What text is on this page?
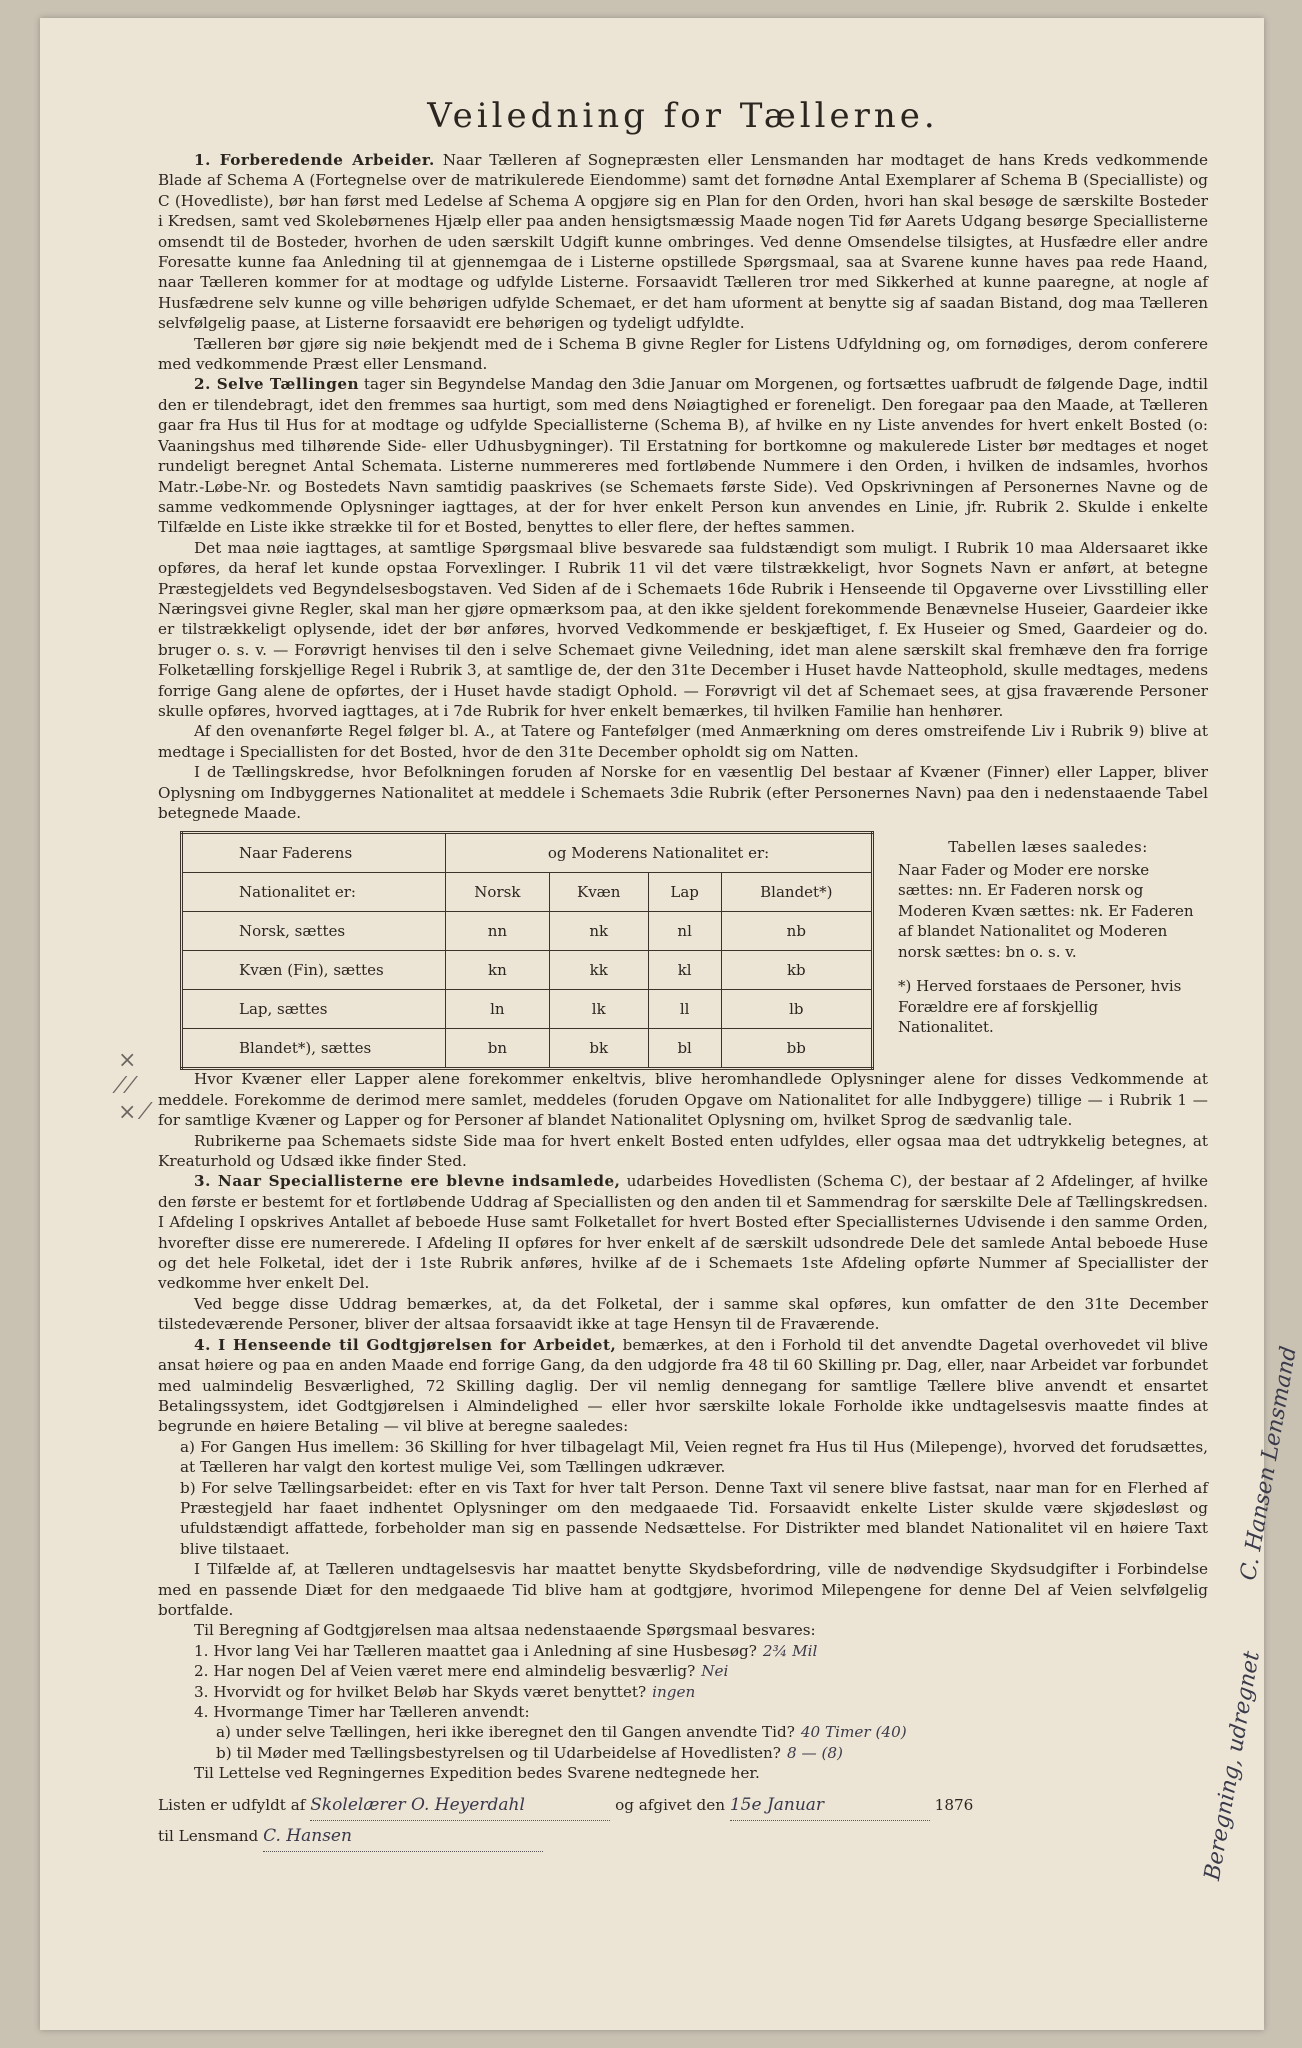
×
⁄ ⁄
× ⁄
Veiledning for Tællerne.

1. Forberedende Arbeider. Naar Tælleren af Sognepræsten eller Lensmanden har modtaget de hans Kreds vedkommende Blade af Schema A (Fortegnelse over de matrikulerede Eiendomme) samt det fornødne Antal Exemplarer af Schema B (Specialliste) og C (Hovedliste), bør han først med Ledelse af Schema A opgjøre sig en Plan for den Orden, hvori han skal besøge de særskilte Bosteder i Kredsen, samt ved Skolebørnenes Hjælp eller paa anden hensigtsmæssig Maade nogen Tid før Aarets Udgang besørge Speciallisterne omsendt til de Bosteder, hvorhen de uden særskilt Udgift kunne ombringes. Ved denne Omsendelse tilsigtes, at Husfædre eller andre Foresatte kunne faa Anledning til at gjennemgaa de i Listerne opstillede Spørgsmaal, saa at Svarene kunne haves paa rede Haand, naar Tælleren kommer for at modtage og udfylde Listerne. Forsaavidt Tælleren tror med Sikkerhed at kunne paaregne, at nogle af Husfædrene selv kunne og ville behørigen udfylde Schemaet, er det ham uforment at benytte sig af saadan Bistand, dog maa Tælleren selvfølgelig paase, at Listerne forsaavidt ere behørigen og tydeligt udfyldte.

Tælleren bør gjøre sig nøie bekjendt med de i Schema B givne Regler for Listens Udfyldning og, om fornødiges, derom conferere med vedkommende Præst eller Lensmand.

2. Selve Tællingen tager sin Begyndelse Mandag den 3die Januar om Morgenen, og fortsættes uafbrudt de følgende Dage, indtil den er tilendebragt, idet den fremmes saa hurtigt, som med dens Nøiagtighed er foreneligt. Den foregaar paa den Maade, at Tælleren gaar fra Hus til Hus for at modtage og udfylde Speciallisterne (Schema B), af hvilke en ny Liste anvendes for hvert enkelt Bosted (o: Vaaningshus med tilhørende Side- eller Udhusbygninger). Til Erstatning for bortkomne og makulerede Lister bør medtages et noget rundeligt beregnet Antal Schemata. Listerne nummereres med fortløbende Nummere i den Orden, i hvilken de indsamles, hvorhos Matr.-Løbe-Nr. og Bostedets Navn samtidig paaskrives (se Schemaets første Side). Ved Opskrivningen af Personernes Navne og de samme vedkommende Oplysninger iagttages, at der for hver enkelt Person kun anvendes en Linie, jfr. Rubrik 2. Skulde i enkelte Tilfælde en Liste ikke strække til for et Bosted, benyttes to eller flere, der heftes sammen.

Det maa nøie iagttages, at samtlige Spørgsmaal blive besvarede saa fuldstændigt som muligt. I Rubrik 10 maa Aldersaaret ikke opføres, da heraf let kunde opstaa Forvexlinger. I Rubrik 11 vil det være tilstrækkeligt, hvor Sognets Navn er anført, at betegne Præstegjeldets ved Begyndelsesbogstaven. Ved Siden af de i Schemaets 16de Rubrik i Henseende til Opgaverne over Livsstilling eller Næringsvei givne Regler, skal man her gjøre opmærksom paa, at den ikke sjeldent forekommende Benævnelse Huseier, Gaardeier ikke er tilstrækkeligt oplysende, idet der bør anføres, hvorved Vedkommende er beskjæftiget, f. Ex Huseier og Smed, Gaardeier og do. bruger o. s. v. — Forøvrigt henvises til den i selve Schemaet givne Veiledning, idet man alene særskilt skal fremhæve den fra forrige Folketælling forskjellige Regel i Rubrik 3, at samtlige de, der den 31te December i Huset havde Natteophold, skulle medtages, medens forrige Gang alene de opførtes, der i Huset havde stadigt Ophold. — Forøvrigt vil det af Schemaet sees, at gjsa fraværende Personer skulle opføres, hvorved iagttages, at i 7de Rubrik for hver enkelt bemærkes, til hvilken Familie han henhører.

Af den ovenanførte Regel følger bl. A., at Tatere og Fantefølger (med Anmærkning om deres omstreifende Liv i Rubrik 9) blive at medtage i Speciallisten for det Bosted, hvor de den 31te December opholdt sig om Natten.

I de Tællingskredse, hvor Befolkningen foruden af Norske for en væsentlig Del bestaar af Kvæner (Finner) eller Lapper, bliver Oplysning om Indbyggernes Nationalitet at meddele i Schemaets 3die Rubrik (efter Personernes Navn) paa den i nedenstaaende Tabel betegnede Maade.

Naar Faderens	og Moderens Nationalitet er:			
Nationalitet er:	Norsk	Kvæn	Lap	Blandet*)
Norsk, sættes	nn	nk	nl	nb
Kvæn (Fin), sættes	kn	kk	kl	kb
Lap, sættes	ln	lk	ll	lb
Blandet*), sættes	bn	bk	bl	bb
Tabellen læses saaledes:
Naar Fader og Moder ere norske sættes: nn. Er Faderen norsk og Moderen Kvæn sættes: nk. Er Faderen af blandet Nationalitet og Moderen norsk sættes: bn o. s. v.
*) Herved forstaaes de Personer, hvis Forældre ere af forskjellig Nationalitet.

Hvor Kvæner eller Lapper alene forekommer enkeltvis, blive heromhandlede Oplysninger alene for disses Vedkommende at meddele. Forekomme de derimod mere samlet, meddeles (foruden Opgave om Nationalitet for alle Indbyggere) tillige — i Rubrik 1 — for samtlige Kvæner og Lapper og for Personer af blandet Nationalitet Oplysning om, hvilket Sprog de sædvanlig tale.

Rubrikerne paa Schemaets sidste Side maa for hvert enkelt Bosted enten udfyldes, eller ogsaa maa det udtrykkelig betegnes, at Kreaturhold og Udsæd ikke finder Sted.

3. Naar Speciallisterne ere blevne indsamlede, udarbeides Hovedlisten (Schema C), der bestaar af 2 Afdelinger, af hvilke den første er bestemt for et fortløbende Uddrag af Speciallisten og den anden til et Sammendrag for særskilte Dele af Tællingskredsen. I Afdeling I opskrives Antallet af beboede Huse samt Folketallet for hvert Bosted efter Speciallisternes Udvisende i den samme Orden, hvorefter disse ere numererede. I Afdeling II opføres for hver enkelt af de særskilt udsondrede Dele det samlede Antal beboede Huse og det hele Folketal, idet der i 1ste Rubrik anføres, hvilke af de i Schemaets 1ste Afdeling opførte Nummer af Speciallister der vedkomme hver enkelt Del.

Ved begge disse Uddrag bemærkes, at, da det Folketal, der i samme skal opføres, kun omfatter de den 31te December tilstedeværende Personer, bliver der altsaa forsaavidt ikke at tage Hensyn til de Fraværende.

4. I Henseende til Godtgjørelsen for Arbeidet, bemærkes, at den i Forhold til det anvendte Dagetal overhovedet vil blive ansat høiere og paa en anden Maade end forrige Gang, da den udgjorde fra 48 til 60 Skilling pr. Dag, eller, naar Arbeidet var forbundet med ualmindelig Besværlighed, 72 Skilling daglig. Der vil nemlig dennegang for samtlige Tællere blive anvendt et ensartet Betalingssystem, idet Godtgjørelsen i Almindelighed — eller hvor særskilte lokale Forholde ikke undtagelsesvis maatte findes at begrunde en høiere Betaling — vil blive at beregne saaledes:

a) For Gangen Hus imellem: 36 Skilling for hver tilbagelagt Mil, Veien regnet fra Hus til Hus (Milepenge), hvorved det forudsættes, at Tælleren har valgt den kortest mulige Vei, som Tællingen udkræver.

b) For selve Tællingsarbeidet: efter en vis Taxt for hver talt Person. Denne Taxt vil senere blive fastsat, naar man for en Flerhed af Præstegjeld har faaet indhentet Oplysninger om den medgaaede Tid. Forsaavidt enkelte Lister skulde være skjødesløst og ufuldstændigt affattede, forbeholder man sig en passende Nedsættelse. For Distrikter med blandet Nationalitet vil en høiere Taxt blive tilstaaet.

I Tilfælde af, at Tælleren undtagelsesvis har maattet benytte Skydsbefordring, ville de nødvendige Skydsudgifter i Forbindelse med en passende Diæt for den medgaaede Tid blive ham at godtgjøre, hvorimod Milepengene for denne Del af Veien selvfølgelig bortfalde.

Til Beregning af Godtgjørelsen maa altsaa nedenstaaende Spørgsmaal besvares:

1. Hvor lang Vei har Tælleren maattet gaa i Anledning af sine Husbesøg? 2¾ Mil
2. Har nogen Del af Veien været mere end almindelig besværlig? Nei
3. Hvorvidt og for hvilket Beløb har Skyds været benyttet? ingen
4. Hvormange Timer har Tælleren anvendt:
a) under selve Tællingen, heri ikke iberegnet den til Gangen anvendte Tid? 40 Timer (40)
b) til Møder med Tællingsbestyrelsen og til Udarbeidelse af Hovedlisten? 8 — (8)

Til Lettelse ved Regningernes Expedition bedes Svarene nedtegnede her.

Listen er udfyldt af Skolelærer O. Heyerdahl	og afgivet den 15e Januar	1876
til Lensmand C. Hansen	Beregning, udregnet
C. Hansen Lensmand
